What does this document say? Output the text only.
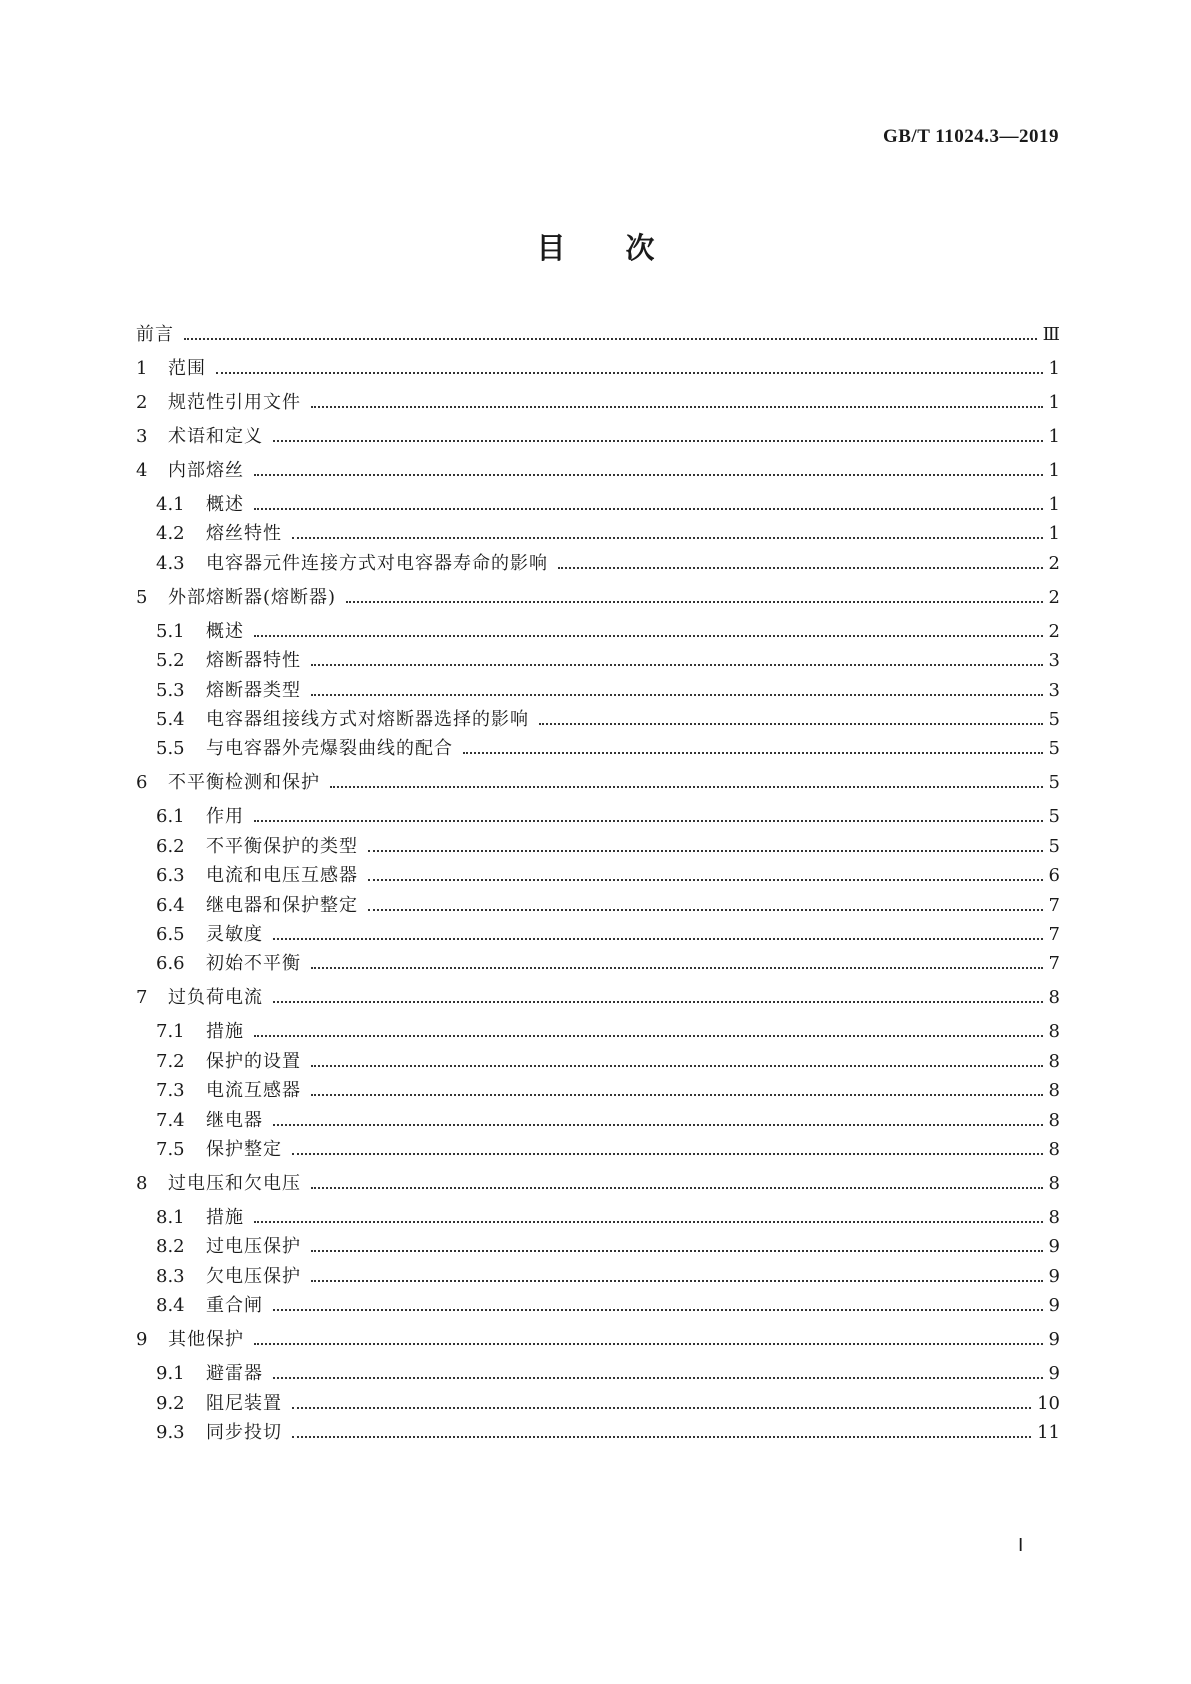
GB/T 11024.3—2019
目次
前言	Ⅲ
1	范围	1
2	规范性引用文件	1
3	术语和定义	1
4	内部熔丝	1
4.1	概述	1
4.2	熔丝特性	1
4.3	电容器元件连接方式对电容器寿命的影响	2
5	外部熔断器(熔断器)	2
5.1	概述	2
5.2	熔断器特性	3
5.3	熔断器类型	3
5.4	电容器组接线方式对熔断器选择的影响	5
5.5	与电容器外壳爆裂曲线的配合	5
6	不平衡检测和保护	5
6.1	作用	5
6.2	不平衡保护的类型	5
6.3	电流和电压互感器	6
6.4	继电器和保护整定	7
6.5	灵敏度	7
6.6	初始不平衡	7
7	过负荷电流	8
7.1	措施	8
7.2	保护的设置	8
7.3	电流互感器	8
7.4	继电器	8
7.5	保护整定	8
8	过电压和欠电压	8
8.1	措施	8
8.2	过电压保护	9
8.3	欠电压保护	9
8.4	重合闸	9
9	其他保护	9
9.1	避雷器	9
9.2	阻尼装置	10
9.3	同步投切	11
Ⅰ
